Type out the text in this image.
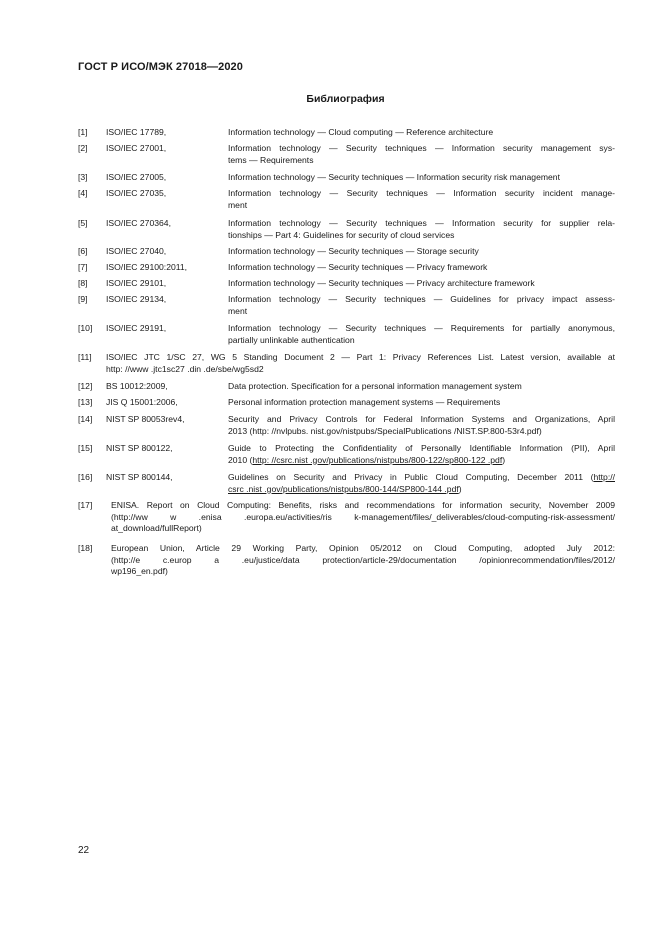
ГОСТ Р ИСО/МЭК 27018—2020
Библиография
[1] ISO/IEC 17789,	Information technology — Cloud computing — Reference architecture
[2] ISO/IEC 27001,	Information technology — Security techniques — Information security management sys-
tems — Requirements
[3] ISO/IEC 27005,	Information technology — Security techniques — Information security risk management
[4] ISO/IEC 27035,	Information technology — Security techniques — Information security incident manage-
ment
[5] ISO/IEC 270364,	Information technology — Security techniques — Information security for supplier rela-
tionships — Part 4: Guidelines for security of cloud services
[6] ISO/IEC 27040,	Information technology — Security techniques — Storage security
[7] ISO/IEC 29100:2011,	Information technology — Security techniques — Privacy framework
[8] ISO/IEC 29101,	Information technology — Security techniques — Privacy architecture framework
[9] ISO/IEC 29134,	Information technology — Security techniques — Guidelines for privacy impact assess-
ment
[10] ISO/IEC 29191,	Information technology — Security techniques — Requirements for partially anonymous,
partially unlinkable authentication
[11] ISO/IEC JTC 1/SC 27, WG 5 Standing Document 2 — Part 1: Privacy References List. Latest version, available at
http: //www .jtc1sc27 .din .de/sbe/wg5sd2
[12] BS 10012:2009,	Data protection. Specification for a personal information management system
[13] JIS Q 15001:2006,	Personal information protection management systems — Requirements
[14] NIST SP 80053rev4,	Security and Privacy Controls for Federal Information Systems and Organizations, April
2013 (http: //nvlpubs. nist.gov/nistpubs/SpecialPublications /NIST.SP.800-53r4.pdf)
[15] NIST SP 800122,	Guide to Protecting the Confidentiality of Personally Identifiable Information (PII), April
2010 (http: //csrc.nist .gov/publications/nistpubs/800-122/sp800-122 .pdf)
[16] NIST SP 800144,	Guidelines on Security and Privacy in Public Cloud Computing, December 2011 (http://
csrc .nist .gov/publications/nistpubs/800-144/SP800-144 .pdf)
[17] ENISA. Report on Cloud Computing: Benefits, risks and recommendations for information security, November 2009
(http://ww w .enisa .europa.eu/activities/ris k-management/files/_deliverables/cloud-computing-risk-assessment/
at_download/fullReport)
[18] European Union, Article 29 Working Party, Opinion 05/2012 on Cloud Computing, adopted July 2012:
(http://e c.europ a .eu/justice/data protection/article-29/documentation /opinionrecommendation/files/2012/
wp196_en.pdf)
22
